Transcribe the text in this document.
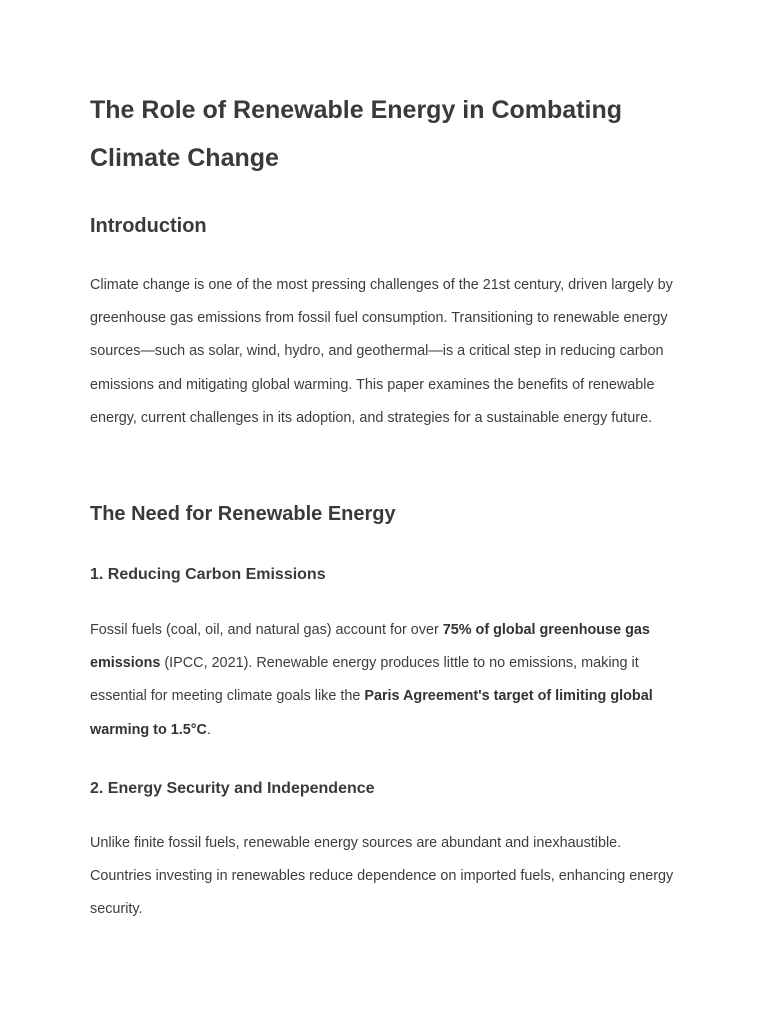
The Role of Renewable Energy in Combating Climate Change
Introduction

Climate change is one of the most pressing challenges of the 21st century, driven largely by greenhouse gas emissions from fossil fuel consumption. Transitioning to renewable energy sources—such as solar, wind, hydro, and geothermal—is a critical step in reducing carbon emissions and mitigating global warming. This paper examines the benefits of renewable energy, current challenges in its adoption, and strategies for a sustainable energy future.

The Need for Renewable Energy
1. Reducing Carbon Emissions

Fossil fuels (coal, oil, and natural gas) account for over 75% of global greenhouse gas emissions (IPCC, 2021). Renewable energy produces little to no emissions, making it essential for meeting climate goals like the Paris Agreement's target of limiting global warming to 1.5°C.

2. Energy Security and Independence

Unlike finite fossil fuels, renewable energy sources are abundant and inexhaustible. Countries investing in renewables reduce dependence on imported fuels, enhancing energy security.
